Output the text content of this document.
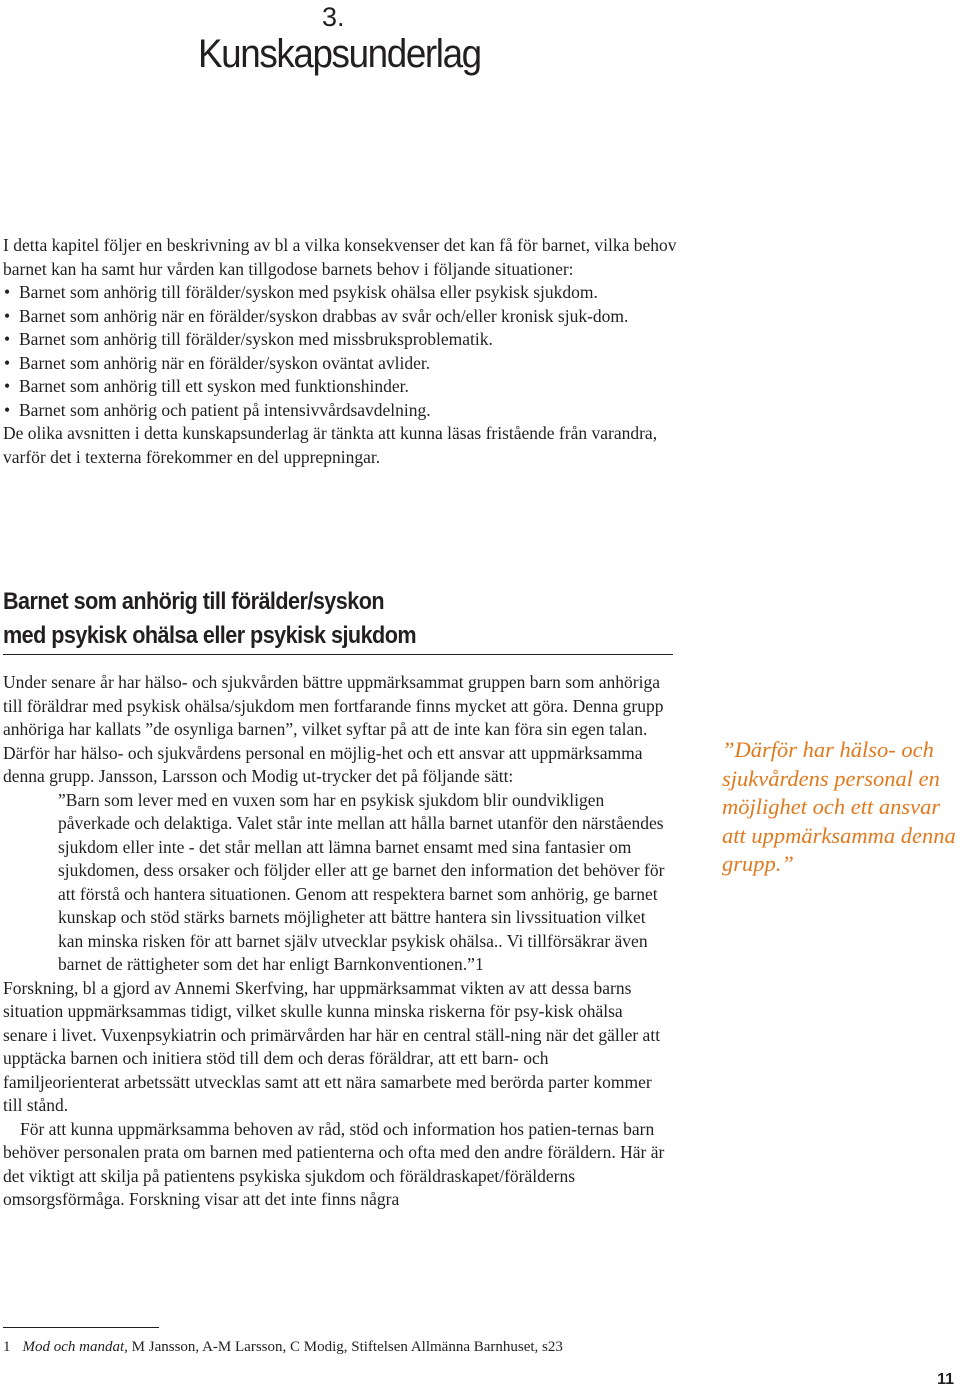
3.
Kunskapsunderlag

I detta kapitel följer en beskrivning av bl a vilka konsekvenser det kan få för barnet, vilka behov barnet kan ha samt hur vården kan tillgodose barnets behov i följande situationer:

• Barnet som anhörig till förälder/syskon med psykisk ohälsa eller psykisk sjukdom.
• Barnet som anhörig när en förälder/syskon drabbas av svår och/eller kronisk sjuk-dom.
• Barnet som anhörig till förälder/syskon med missbruksproblematik.
• Barnet som anhörig när en förälder/syskon oväntat avlider.
• Barnet som anhörig till ett syskon med funktionshinder.
• Barnet som anhörig och patient på intensivvårdsavdelning.

De olika avsnitten i detta kunskapsunderlag är tänkta att kunna läsas fristående från varandra, varför det i texterna förekommer en del upprepningar.

Barnet som anhörig till förälder/syskon
med psykisk ohälsa eller psykisk sjukdom

Under senare år har hälso- och sjukvården bättre uppmärksammat gruppen barn som anhöriga till föräldrar med psykisk ohälsa/sjukdom men fortfarande finns mycket att göra. Denna grupp anhöriga har kallats ”de osynliga barnen”, vilket syftar på att de inte kan föra sin egen talan. Därför har hälso- och sjukvårdens personal en möjlig-het och ett ansvar att uppmärksamma denna grupp. Jansson, Larsson och Modig ut-trycker det på följande sätt:

”Barn som lever med en vuxen som har en psykisk sjukdom blir oundvikligen påverkade och delaktiga. Valet står inte mellan att hålla barnet utanför den närståendes sjukdom eller inte - det står mellan att lämna barnet ensamt med sina fantasier om sjukdomen, dess orsaker och följder eller att ge barnet den information det behöver för att förstå och hantera situationen. Genom att respektera barnet som anhörig, ge barnet kunskap och stöd stärks barnets möjligheter att bättre hantera sin livssituation vilket kan minska risken för att barnet själv utvecklar psykisk ohälsa.. Vi tillförsäkrar även barnet de rättigheter som det har enligt Barnkonventionen.”1

Forskning, bl a gjord av Annemi Skerfving, har uppmärksammat vikten av att dessa barns situation uppmärksammas tidigt, vilket skulle kunna minska riskerna för psy-kisk ohälsa senare i livet. Vuxenpsykiatrin och primärvården har här en central ställ-ning när det gäller att upptäcka barnen och initiera stöd till dem och deras föräldrar, att ett barn- och familjeorienterat arbetssätt utvecklas samt att ett nära samarbete med berörda parter kommer till stånd.

För att kunna uppmärksamma behoven av råd, stöd och information hos patien-ternas barn behöver personalen prata om barnen med patienterna och ofta med den andre föräldern. Här är det viktigt att skilja på patientens psykiska sjukdom och föräldraskapet/förälderns omsorgsförmåga. Forskning visar att det inte finns några

”Därför har hälso- och sjukvårdens personal en möjlighet och ett ansvar att uppmärksamma denna grupp.”
1 Mod och mandat, M Jansson, A-M Larsson, C Modig, Stiftelsen Allmänna Barnhuset, s23
11
